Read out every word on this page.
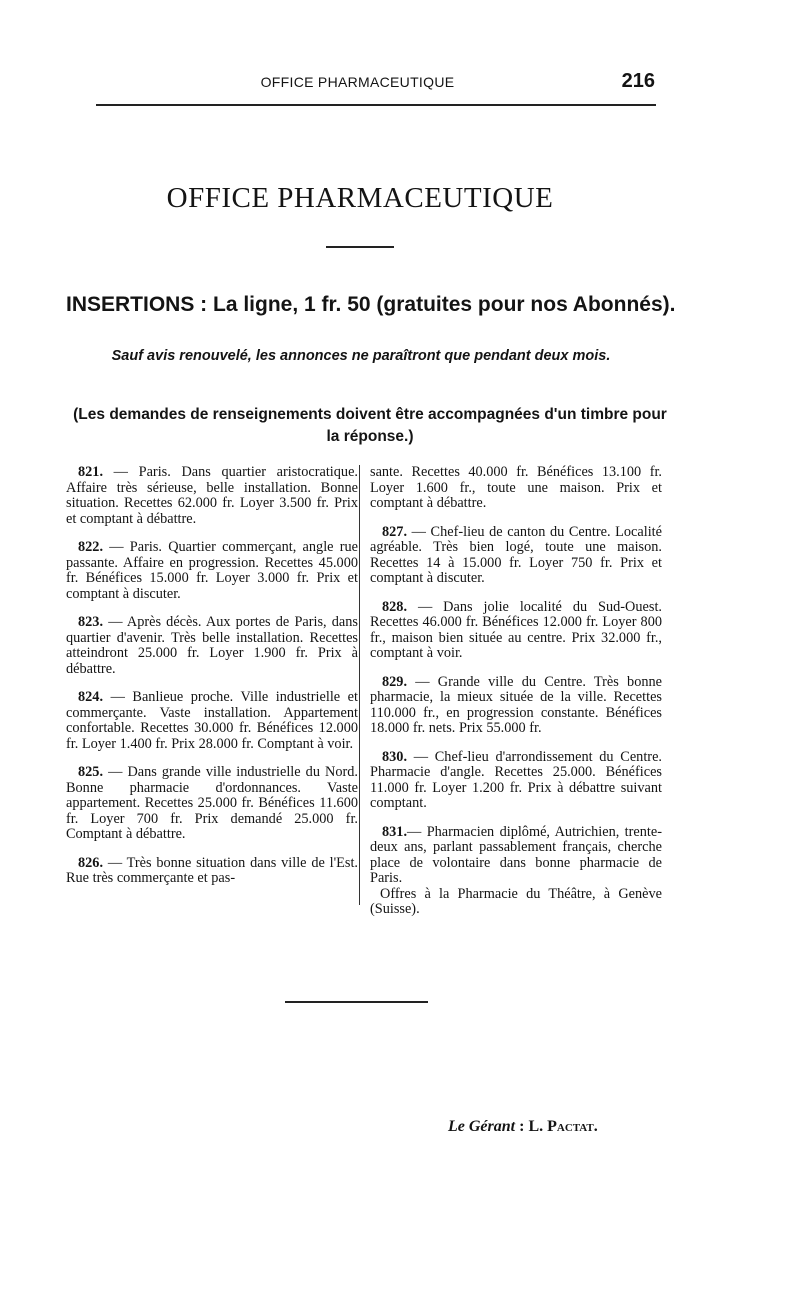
OFFICE PHARMACEUTIQUE	216
OFFICE PHARMACEUTIQUE
INSERTIONS : La ligne, 1 fr. 50 (gratuites pour nos Abonnés).
Sauf avis renouvelé, les annonces ne paraîtront que pendant deux mois.
(Les demandes de renseignements doivent être accompagnées d'un timbre pour la réponse.)

821. — Paris. Dans quartier aristocratique. Affaire très sérieuse, belle installation. Bonne situation. Recettes 62.000 fr. Loyer 3.500 fr. Prix et comptant à débattre.

822. — Paris. Quartier commerçant, angle rue passante. Affaire en progression. Recettes 45.000 fr. Bénéfices 15.000 fr. Loyer 3.000 fr. Prix et comptant à discuter.

823. — Après décès. Aux portes de Paris, dans quartier d'avenir. Très belle installation. Recettes atteindront 25.000 fr. Loyer 1.900 fr. Prix à débattre.

824. — Banlieue proche. Ville industrielle et commerçante. Vaste installation. Appartement confortable. Recettes 30.000 fr. Bénéfices 12.000 fr. Loyer 1.400 fr. Prix 28.000 fr. Comptant à voir.

825. — Dans grande ville industrielle du Nord. Bonne pharmacie d'ordonnances. Vaste appartement. Recettes 25.000 fr. Bénéfices 11.600 fr. Loyer 700 fr. Prix demandé 25.000 fr. Comptant à débattre.

826. — Très bonne situation dans ville de l'Est. Rue très commerçante et pas-

sante. Recettes 40.000 fr. Bénéfices 13.100 fr. Loyer 1.600 fr., toute une maison. Prix et comptant à débattre.

827. — Chef-lieu de canton du Centre. Localité agréable. Très bien logé, toute une maison. Recettes 14 à 15.000 fr. Loyer 750 fr. Prix et comptant à discuter.

828. — Dans jolie localité du Sud-Ouest. Recettes 46.000 fr. Bénéfices 12.000 fr. Loyer 800 fr., maison bien située au centre. Prix 32.000 fr., comptant à voir.

829. — Grande ville du Centre. Très bonne pharmacie, la mieux située de la ville. Recettes 110.000 fr., en progression constante. Bénéfices 18.000 fr. nets. Prix 55.000 fr.

830. — Chef-lieu d'arrondissement du Centre. Pharmacie d'angle. Recettes 25.000. Bénéfices 11.000 fr. Loyer 1.200 fr. Prix à débattre suivant comptant.

831.— Pharmacien diplômé, Autrichien, trente-deux ans, parlant passablement français, cherche place de volontaire dans bonne pharmacie de Paris.

Offres à la Pharmacie du Théâtre, à Genève (Suisse).

Le Gérant : L. Pactat.
